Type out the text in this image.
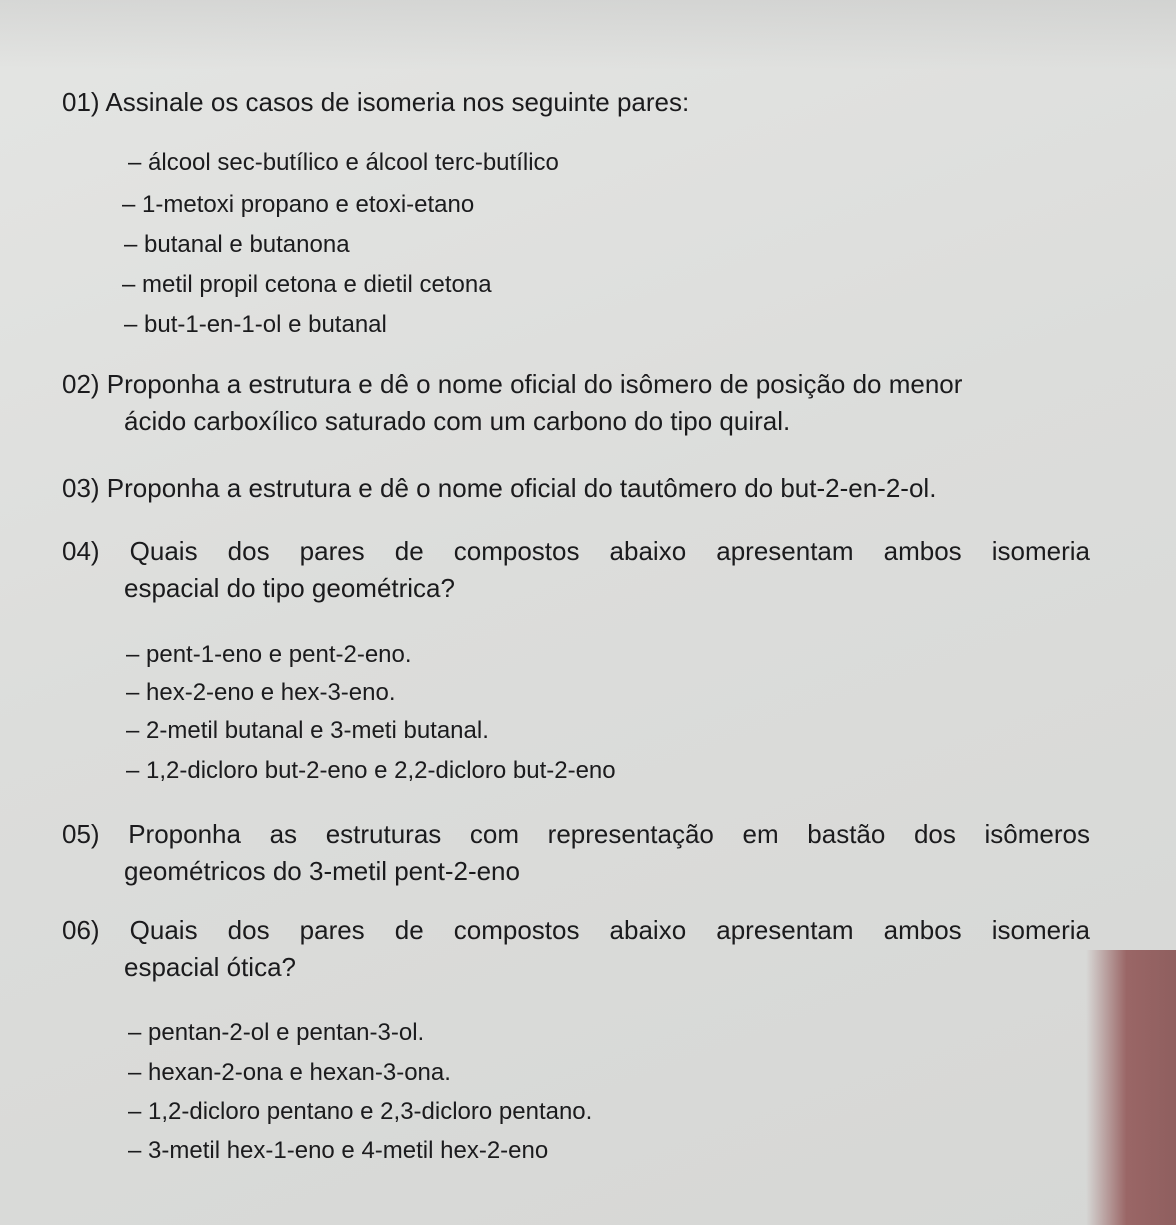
01) Assinale os casos de isomeria nos seguinte pares:
– álcool sec-butílico e álcool terc-butílico
– 1-metoxi propano e etoxi-etano
– butanal e butanona
– metil propil cetona e dietil cetona
– but-1-en-1-ol e butanal
02) Proponha a estrutura e dê o nome oficial do isômero de posição do menor
ácido carboxílico saturado com um carbono do tipo quiral.
03) Proponha a estrutura e dê o nome oficial do tautômero do but-2-en-2-ol.
04) Quais dos pares de compostos abaixo apresentam ambos isomeria
espacial do tipo geométrica?
– pent-1-eno e pent-2-eno.
– hex-2-eno e hex-3-eno.
– 2-metil butanal e 3-meti butanal.
– 1,2-dicloro but-2-eno e 2,2-dicloro but-2-eno
05) Proponha as estruturas com representação em bastão dos isômeros
geométricos do 3-metil pent-2-eno
06) Quais dos pares de compostos abaixo apresentam ambos isomeria
espacial ótica?
– pentan-2-ol e pentan-3-ol.
– hexan-2-ona e hexan-3-ona.
– 1,2-dicloro pentano e 2,3-dicloro pentano.
– 3-metil hex-1-eno e 4-metil hex-2-eno
